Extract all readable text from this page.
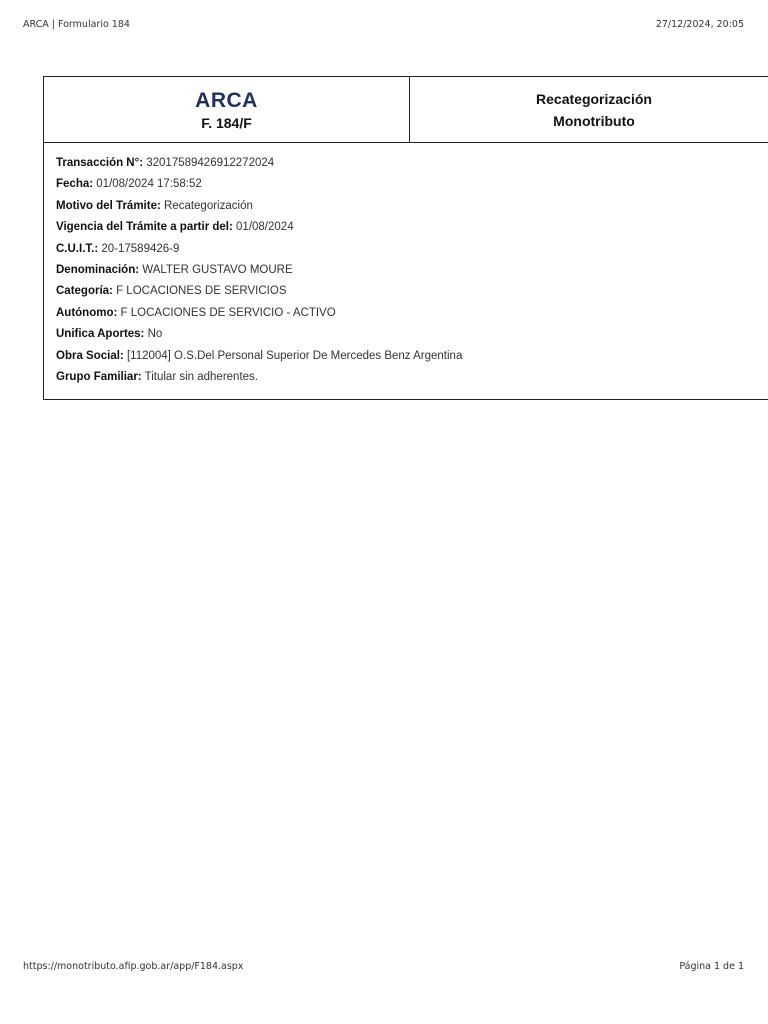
ARCA | Formulario 184	27/12/2024, 20:05
ARCA
F. 184/F
Recategorización
Monotributo
Transacción N°: 32017589426912272024
Fecha: 01/08/2024 17:58:52
Motivo del Trámite: Recategorización
Vigencia del Trámite a partir del: 01/08/2024
C.U.I.T.: 20-17589426-9
Denominación: WALTER GUSTAVO MOURE
Categoría: F LOCACIONES DE SERVICIOS
Autónomo: F LOCACIONES DE SERVICIO - ACTIVO
Unifica Aportes: No
Obra Social: [112004] O.S.Del Personal Superior De Mercedes Benz Argentina
Grupo Familiar: Titular sin adherentes.
https://monotributo.afip.gob.ar/app/F184.aspx	Página 1 de 1
